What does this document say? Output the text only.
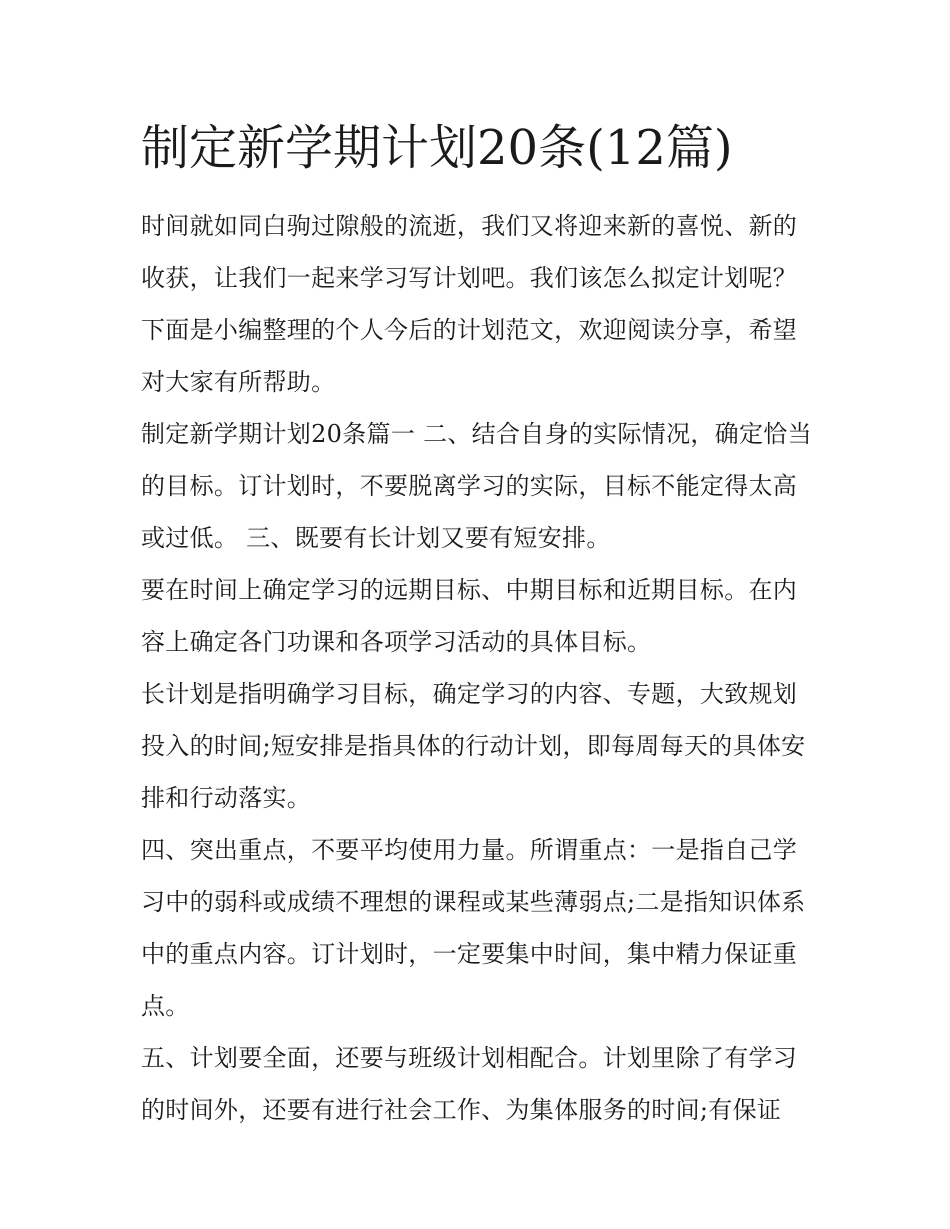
制定新学期计划20条(12篇)

时间就如同白驹过隙般的流逝，我们又将迎来新的喜悦、新的收获，让我们一起来学习写计划吧。我们该怎么拟定计划呢？下面是小编整理的个人今后的计划范文，欢迎阅读分享，希望对大家有所帮助。

制定新学期计划20条篇一 二、结合自身的实际情况，确定恰当的目标。订计划时，不要脱离学习的实际，目标不能定得太高或过低。 三、既要有长计划又要有短安排。

要在时间上确定学习的远期目标、中期目标和近期目标。在内容上确定各门功课和各项学习活动的具体目标。

长计划是指明确学习目标，确定学习的内容、专题，大致规划投入的时间;短安排是指具体的行动计划，即每周每天的具体安排和行动落实。

四、突出重点，不要平均使用力量。所谓重点：一是指自己学习中的弱科或成绩不理想的课程或某些薄弱点;二是指知识体系中的重点内容。订计划时，一定要集中时间，集中精力保证重点。

五、计划要全面，还要与班级计划相配合。计划里除了有学习的时间外，还要有进行社会工作、为集体服务的时间;有保证
